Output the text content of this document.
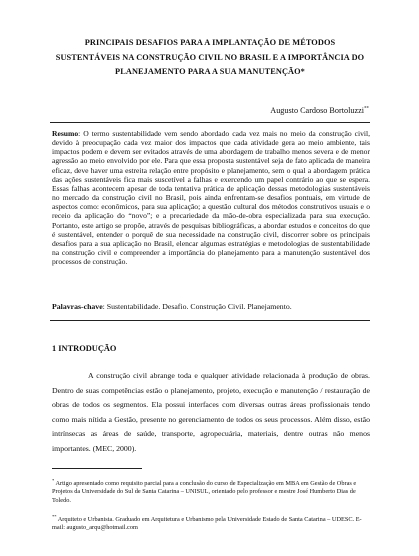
PRINCIPAIS DESAFIOS PARA A IMPLANTAÇÃO DE MÉTODOS
SUSTENTÁVEIS NA CONSTRUÇÃO CIVIL NO BRASIL E A IMPORTÂNCIA DO
PLANEJAMENTO PARA A SUA MANUTENÇÃO*
Augusto Cardoso Bortoluzzi**

Resumo: O termo sustentabilidade vem sendo abordado cada vez mais no meio da construção civil, devido à preocupação cada vez maior dos impactos que cada atividade gera ao meio ambiente, tais impactos podem e devem ser evitados através de uma abordagem de trabalho menos severa e de menor agressão ao meio envolvido por ele. Para que essa proposta sustentável seja de fato aplicada de maneira eficaz, deve haver uma estreita relação entre propósito e planejamento, sem o qual a abordagem prática das ações sustentáveis fica mais suscetível a falhas e exercendo um papel contrário ao que se espera. Essas falhas acontecem apesar de toda tentativa prática de aplicação dessas metodologias sustentáveis no mercado da construção civil no Brasil, pois ainda enfrentam-se desafios pontuais, em virtude de aspectos como: econômicos, para sua aplicação; a questão cultural dos métodos construtivos usuais e o receio da aplicação do “novo”; e a precariedade da mão-de-obra especializada para sua execução. Portanto, este artigo se propõe, através de pesquisas bibliográficas, a abordar estudos e conceitos do que é sustentável, entender o porquê de sua necessidade na construção civil, discorrer sobre os principais desafios para a sua aplicação no Brasil, elencar algumas estratégias e metodologias de sustentabilidade na construção civil e compreender a importância do planejamento para a manutenção sustentável dos processos de construção.

Palavras-chave: Sustentabilidade. Desafio. Construção Civil. Planejamento.
1 INTRODUÇÃO

A construção civil abrange toda e qualquer atividade relacionada à produção de obras. Dentro de suas competências estão o planejamento, projeto, execução e manutenção / restauração de obras de todos os segmentos. Ela possui interfaces com diversas outras áreas profissionais tendo como mais nítida a Gestão, presente no gerenciamento de todos os seus processos. Além disso, estão intrínsecas as áreas de saúde, transporte, agropecuária, materiais, dentre outras não menos importantes. (MEC, 2000).

* Artigo apresentado como requisito parcial para a conclusão do curso de Especialização em MBA em Gestão de Obras e Projetos da Universidade do Sul de Santa Catarina – UNISUL, orientado pelo professor e mestre José Humberto Dias de Toledo.

** Arquiteto e Urbanista. Graduado em Arquitetura e Urbanismo pela Universidade Estado de Santa Catarina – UDESC. E-mail: augusto_arqu@hotmail.com
